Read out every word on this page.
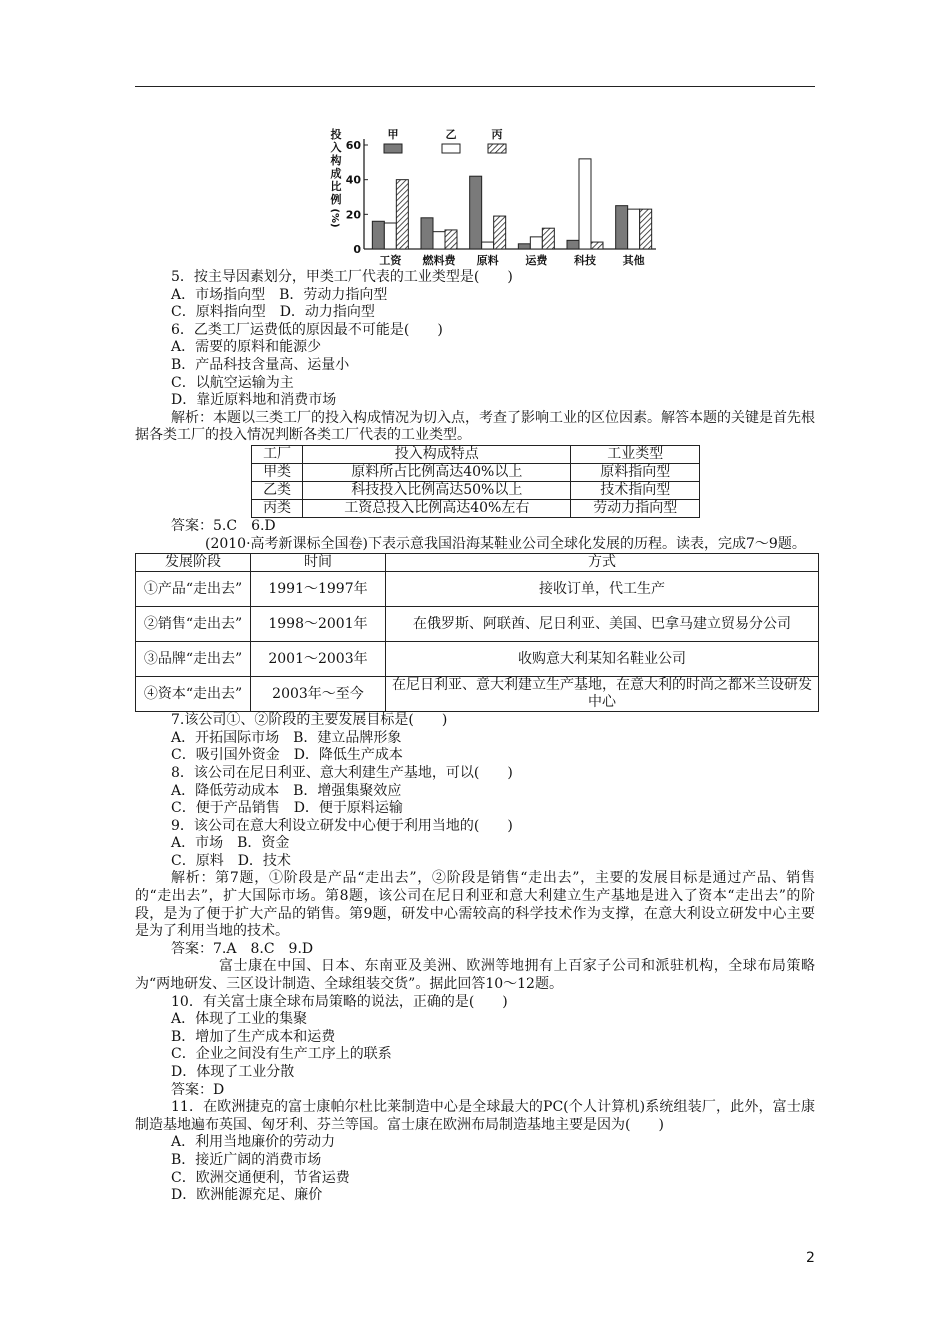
60
40
20
0
投
入
构
成
比
例
(%)
工资 燃料费 原料 运费 科技 其他
甲	乙	丙

5．按主导因素划分，甲类工厂代表的工业类型是(　　)

A．市场指向型　B．劳动力指向型

C．原料指向型　D．动力指向型

6．乙类工厂运费低的原因最不可能是(　　)

A．需要的原料和能源少

B．产品科技含量高、运量小

C．以航空运输为主

D．靠近原料地和消费市场

解析：本题以三类工厂的投入构成情况为切入点，考查了影响工业的区位因素。解答本题的关键是首先根据各类工厂的投入情况判断各类工厂代表的工业类型。

工厂	投入构成特点	工业类型
甲类	原料所占比例高达40%以上	原料指向型
乙类	科技投入比例高达50%以上	技术指向型
丙类	工资总投入比例高达40%左右	劳动力指向型

答案：5.C　6.D

(2010·高考新课标全国卷)下表示意我国沿海某鞋业公司全球化发展的历程。读表，完成7～9题。

发展阶段	时间	方式
①产品“走出去”	1991～1997年	接收订单，代工生产
②销售“走出去”	1998～2001年	在俄罗斯、阿联酋、尼日利亚、美国、巴拿马建立贸易分公司
③品牌“走出去”	2001～2003年	收购意大利某知名鞋业公司
④资本“走出去”	2003年～至今	在尼日利亚、意大利建立生产基地，在意大利的时尚之都米兰设研发中心

7.该公司①、②阶段的主要发展目标是(　　)

A．开拓国际市场　B．建立品牌形象

C．吸引国外资金　D．降低生产成本

8．该公司在尼日利亚、意大利建生产基地，可以(　　)

A．降低劳动成本　B．增强集聚效应

C．便于产品销售　D．便于原料运输

9．该公司在意大利设立研发中心便于利用当地的(　　)

A．市场　B．资金

C．原料　D．技术

解析：第7题，①阶段是产品“走出去”，②阶段是销售“走出去”，主要的发展目标是通过产品、销售的“走出去”，扩大国际市场。第8题，该公司在尼日利亚和意大利建立生产基地是进入了资本“走出去”的阶段，是为了便于扩大产品的销售。第9题，研发中心需较高的科学技术作为支撑，在意大利设立研发中心主要是为了利用当地的技术。

答案：7.A　8.C　9.D

富士康在中国、日本、东南亚及美洲、欧洲等地拥有上百家子公司和派驻机构，全球布局策略为“两地研发、三区设计制造、全球组装交货”。据此回答10～12题。

10．有关富士康全球布局策略的说法，正确的是(　　)

A．体现了工业的集聚

B．增加了生产成本和运费

C．企业之间没有生产工序上的联系

D．体现了工业分散

答案：D

11．在欧洲捷克的富士康帕尔杜比莱制造中心是全球最大的PC(个人计算机)系统组装厂，此外，富士康制造基地遍布英国、匈牙利、芬兰等国。富士康在欧洲布局制造基地主要是因为(　　)

A．利用当地廉价的劳动力

B．接近广阔的消费市场

C．欧洲交通便利，节省运费

D．欧洲能源充足、廉价

2
